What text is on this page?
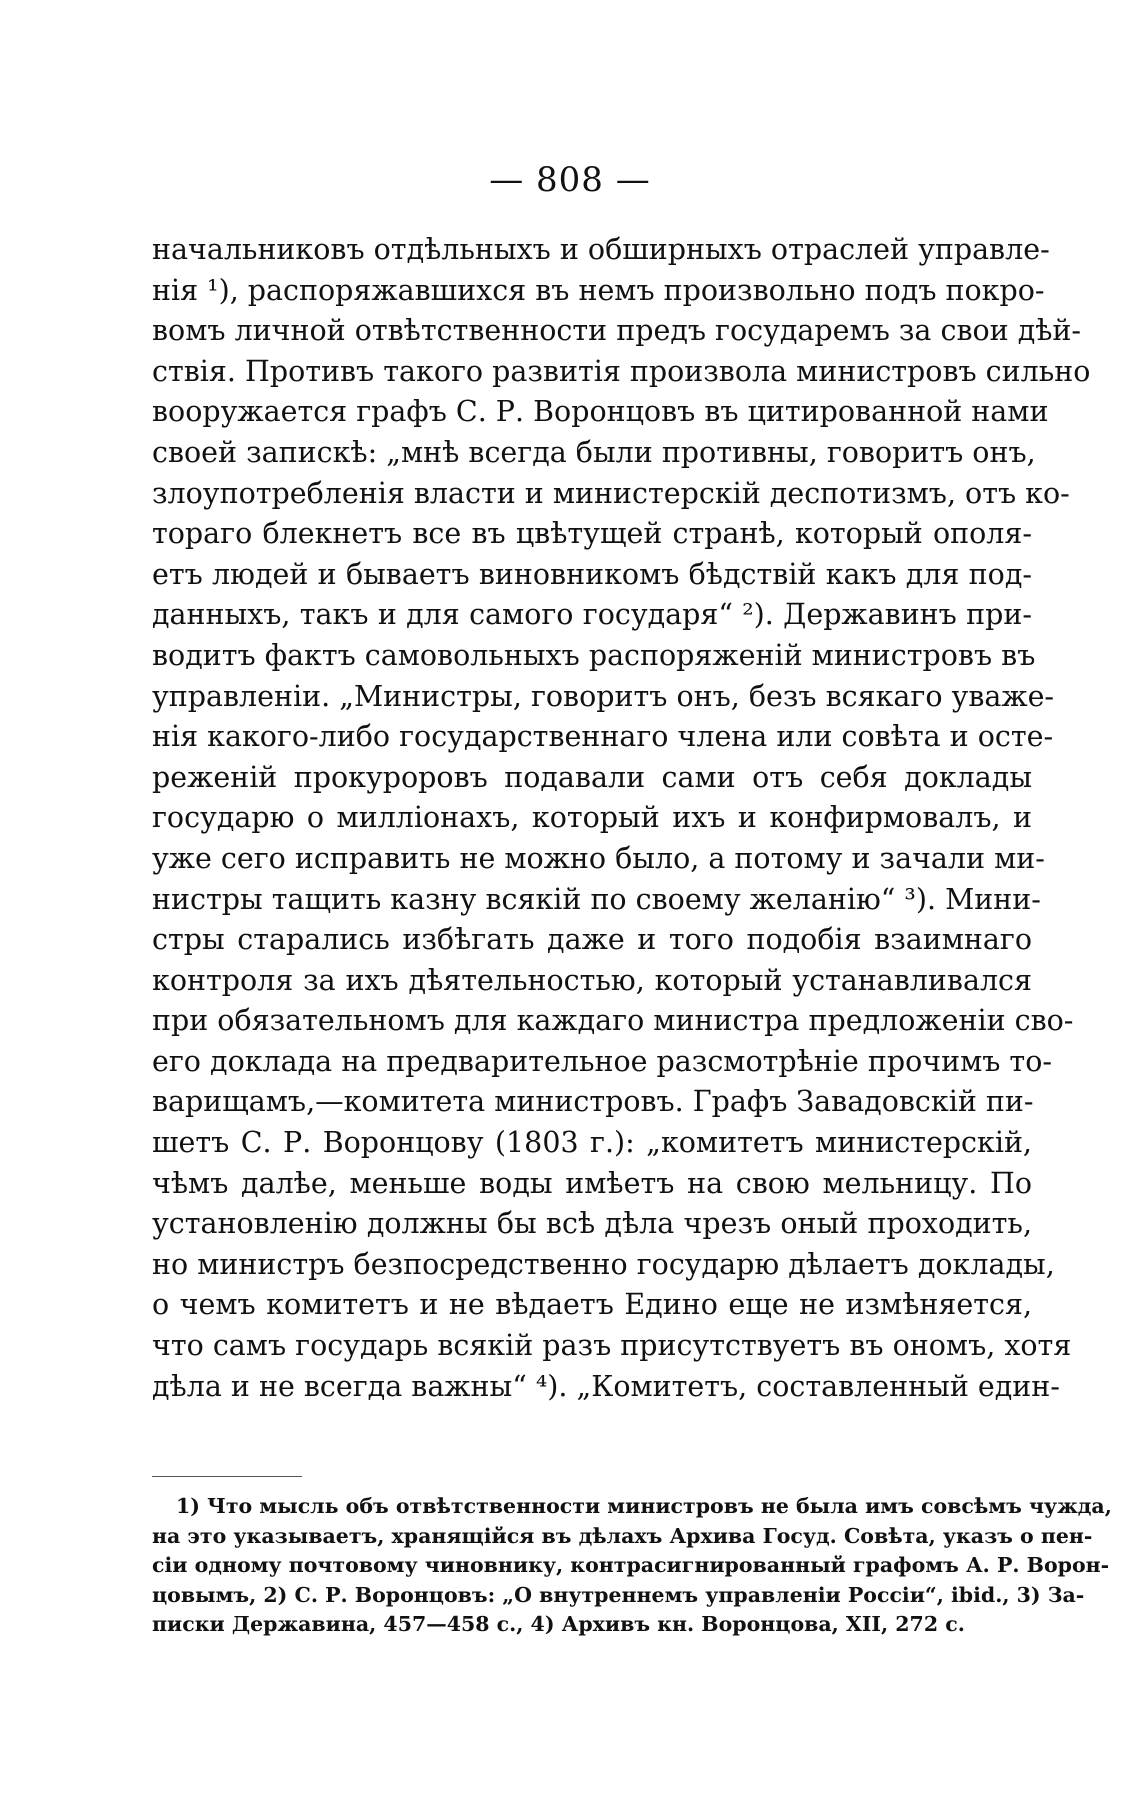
— 808 —
начальниковъ отдѣльныхъ и обширныхъ отраслей управле-
нія ¹), распоряжавшихся въ немъ произвольно подъ покро-
вомъ личной отвѣтственности предъ государемъ за свои дѣй-
ствія. Противъ такого развитія произвола министровъ сильно
вооружается графъ С. Р. Воронцовъ въ цитированной нами
своей запискѣ: „мнѣ всегда были противны, говоритъ онъ,
злоупотребленія власти и министерскій деспотизмъ, отъ ко-
тораго блекнетъ все въ цвѣтущей странѣ, который ополя-
етъ людей и бываетъ виновникомъ бѣдствій какъ для под-
данныхъ, такъ и для самого государя“ ²). Державинъ при-
водитъ фактъ самовольныхъ распоряженій министровъ въ
управленіи. „Министры, говоритъ онъ, безъ всякаго уваже-
нія какого-либо государственнаго члена или совѣта и осте-
реженій прокуроровъ подавали сами отъ себя доклады
государю о милліонахъ, который ихъ и конфирмовалъ, и
уже сего исправить не можно было, а потому и зачали ми-
нистры тащить казну всякій по своему желанію“ ³). Мини-
стры старались избѣгать даже и того подобія взаимнаго
контроля за ихъ дѣятельностью, который устанавливался
при обязательномъ для каждаго министра предложеніи сво-
его доклада на предварительное разсмотрѣніе прочимъ то-
варищамъ,—комитета министровъ. Графъ Завадовскій пи-
шетъ С. Р. Воронцову (1803 г.): „комитетъ министерскій,
чѣмъ далѣе, меньше воды имѣетъ на свою мельницу. По
установленію должны бы всѣ дѣла чрезъ оный проходить,
но министръ безпосредственно государю дѣлаетъ доклады,
о чемъ комитетъ и не вѣдаетъ Едино еще не измѣняется,
что самъ государь всякій разъ присутствуетъ въ ономъ, хотя
дѣла и не всегда важны“ ⁴). „Комитетъ, составленный един-
1) Что мысль объ отвѣтственности министровъ не была имъ совсѣмъ чужда,
на это указываетъ, хранящійся въ дѣлахъ Архива Госуд. Совѣта, указъ о пен-
сіи одному почтовому чиновнику, контрасигнированный графомъ А. Р. Ворон-
цовымъ, 2) С. Р. Воронцовъ: „О внутреннемъ управленіи Россіи“, ibid., 3) За-
писки Державина, 457—458 с., 4) Архивъ кн. Воронцова, XII, 272 с.
